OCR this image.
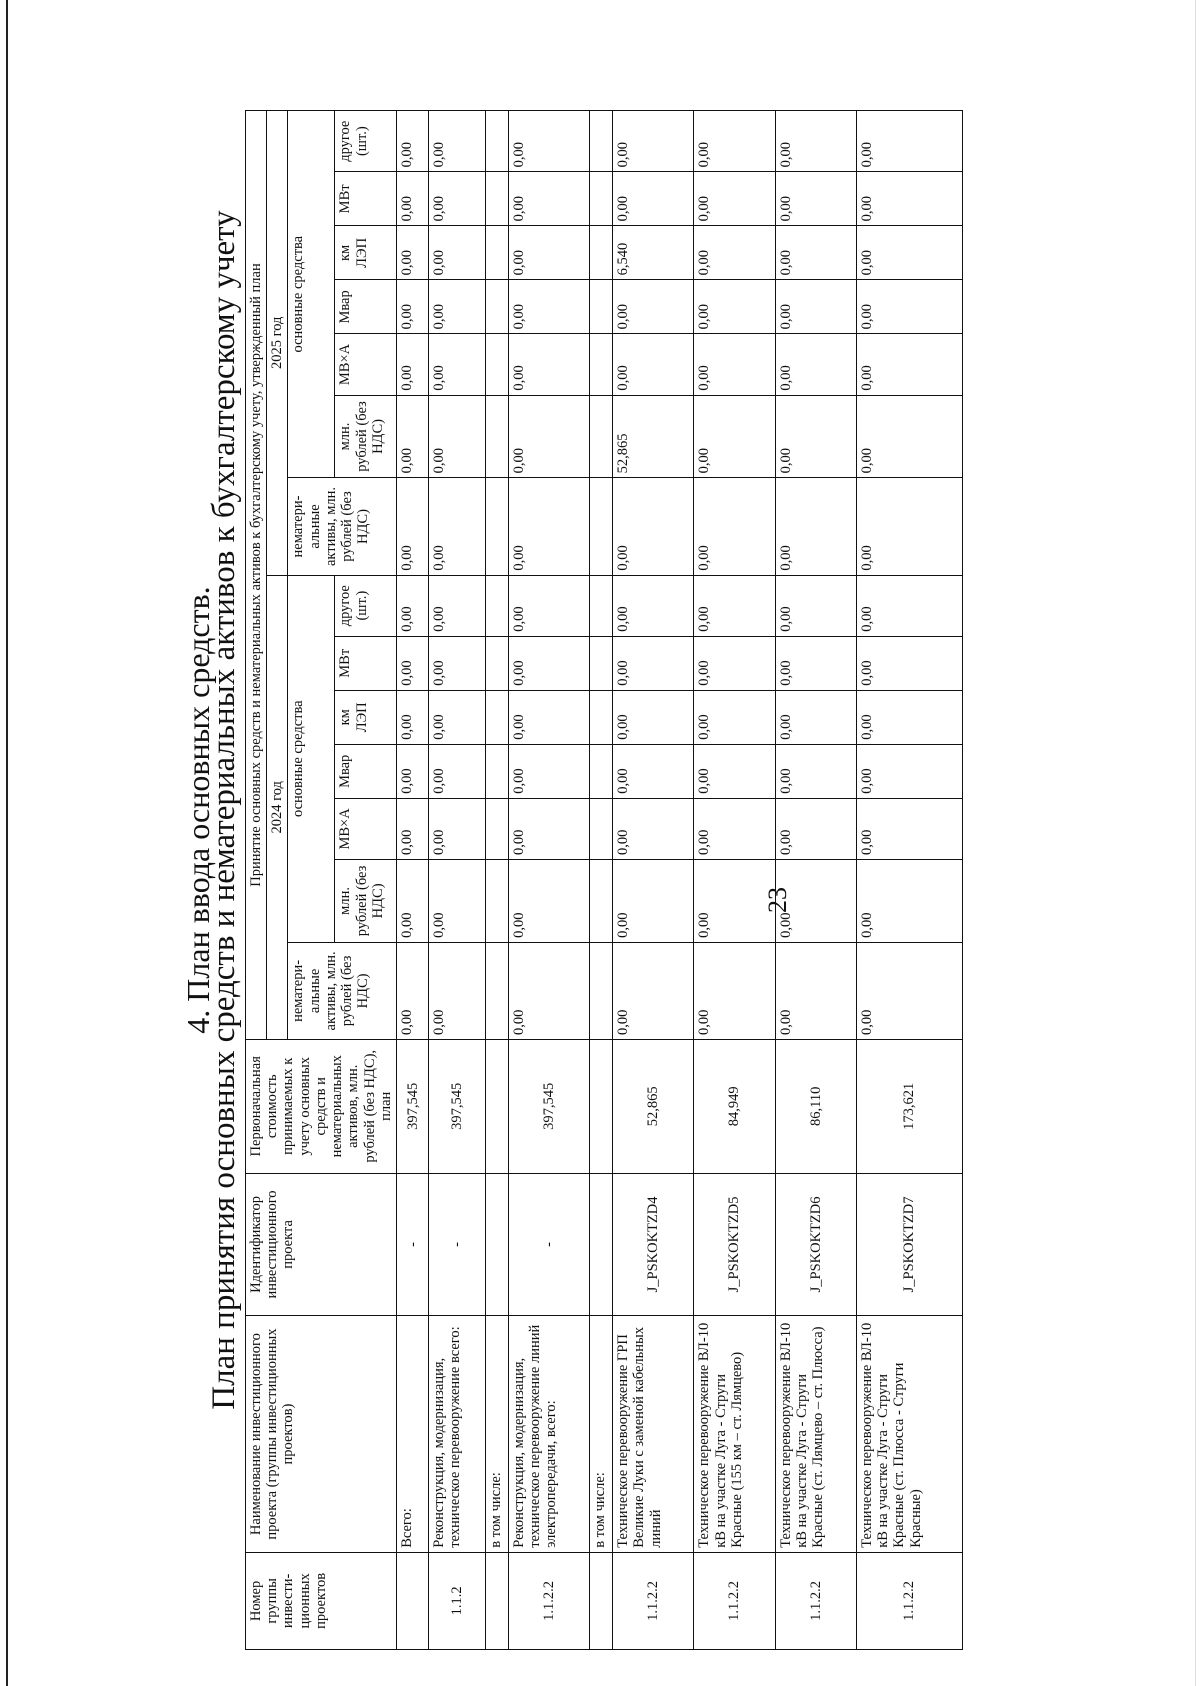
23
4. План ввода основных средств.
План принятия основных средств и нематериальных активов к бухгалтерскому учету
Номер группы инвести-ционных проектов	Наименование инвестиционного проекта (группы инвестиционных проектов)	Идентификатор инвестиционного проекта	Первоначальная стоимость принимаемых к учету основных средств и нематериальных активов, млн. рублей (без НДС), план	Принятие основных средств и нематериальных активов к бухгалтерскому учету, утвержденный план													
				2024 год							2025 год						
				нематериальные активы, млн. рублей (без НДС)	основные средства						нематериальные активы, млн. рублей (без НДС)	основные средства					
					млн. рублей (без НДС)	МВ×А	Мвар	км ЛЭП	МВт	другое (шт.)		млн. рублей (без НДС)	МВ×А	Мвар	км ЛЭП	МВт	другое (шт.)
	Всего:	-	397,545	0,00	0,00	0,00	0,00	0,00	0,00	0,00	0,00	0,00	0,00	0,00	0,00	0,00	0,00
1.1.2	Реконструкция, модернизация, техническое перевооружение всего:	-	397,545	0,00	0,00	0,00	0,00	0,00	0,00	0,00	0,00	0,00	0,00	0,00	0,00	0,00	0,00
	в том числе:																
1.1.2.2	Реконструкция, модернизация, техническое перевооружение линий электропередачи, всего:	-	397,545	0,00	0,00	0,00	0,00	0,00	0,00	0,00	0,00	0,00	0,00	0,00	0,00	0,00	0,00
	в том числе:																
1.1.2.2	Техническое перевооружение ГРП Великие Луки с заменой кабельных линий	J_PSKOKTZD4	52,865	0,00	0,00	0,00	0,00	0,00	0,00	0,00	0,00	52,865	0,00	0,00	6,540	0,00	0,00
1.1.2.2	Техническое перевооружение ВЛ-10 кВ на участке Луга - Струги Красные (155 км – ст. Лямцево)	J_PSKOKTZD5	84,949	0,00	0,00	0,00	0,00	0,00	0,00	0,00	0,00	0,00	0,00	0,00	0,00	0,00	0,00
1.1.2.2	Техническое перевооружение ВЛ-10 кВ на участке Луга - Струги Красные (ст. Лямцево – ст. Плюсса)	J_PSKOKTZD6	86,110	0,00	0,00	0,00	0,00	0,00	0,00	0,00	0,00	0,00	0,00	0,00	0,00	0,00	0,00
1.1.2.2	Техническое перевооружение ВЛ-10 кВ на участке Луга - Струги Красные (ст. Плюсса - Струги Красные)	J_PSKOKTZD7	173,621	0,00	0,00	0,00	0,00	0,00	0,00	0,00	0,00	0,00	0,00	0,00	0,00	0,00	0,00
